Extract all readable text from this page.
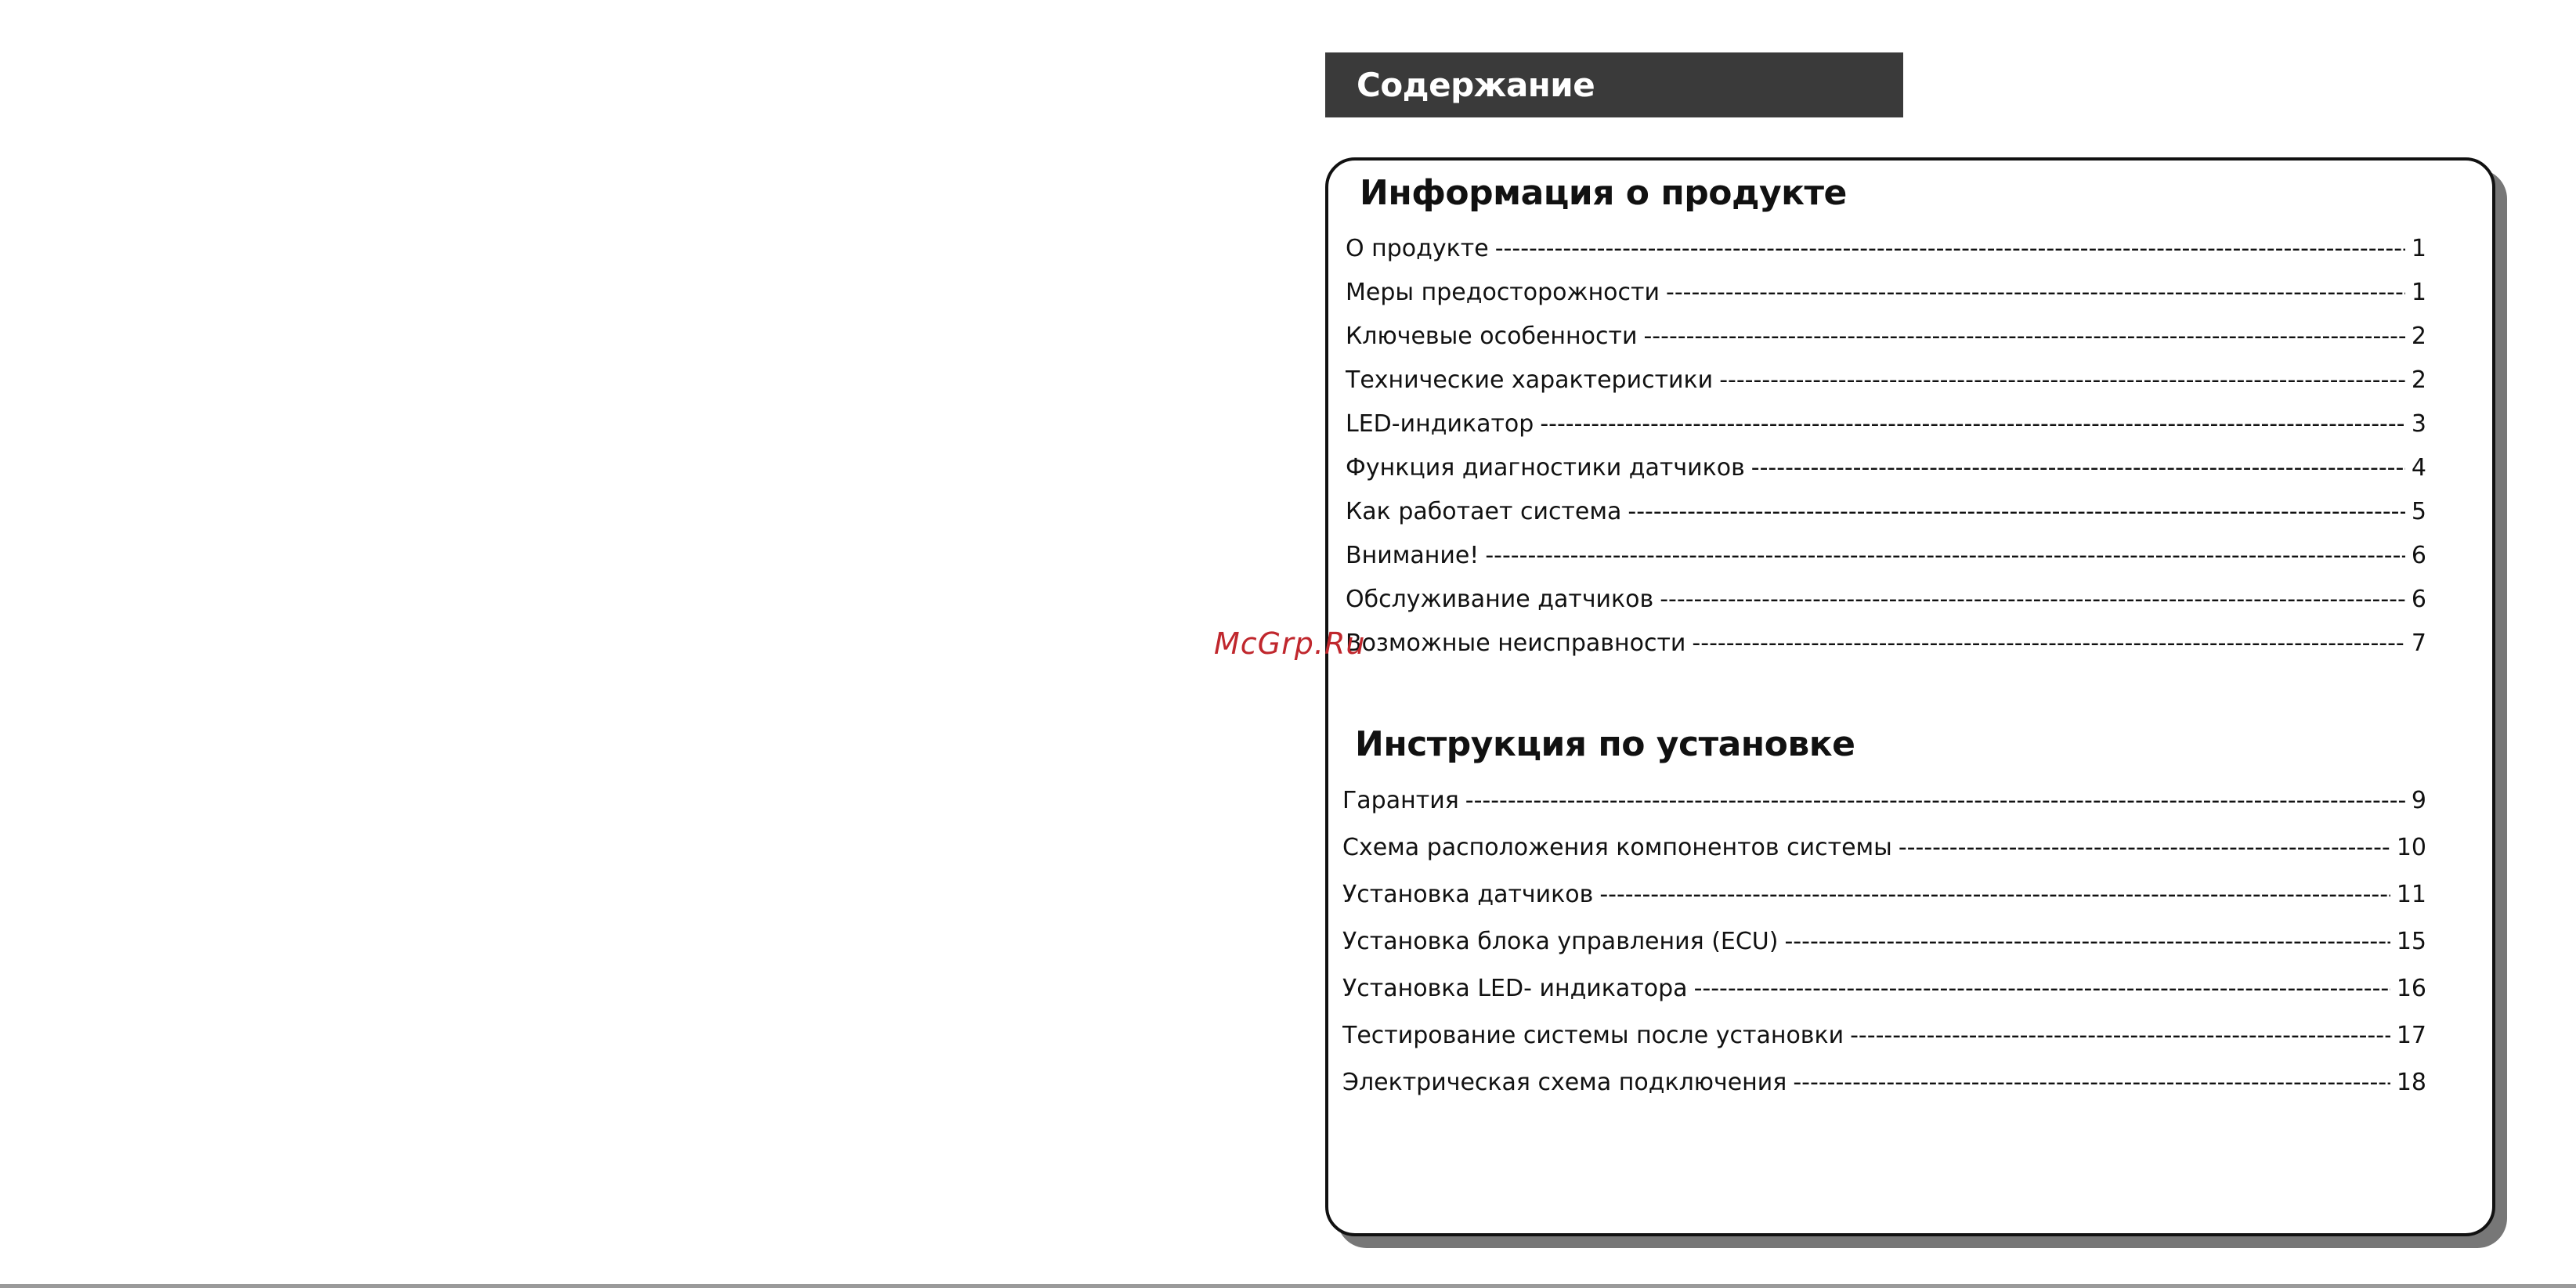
Содержание
Информация о продукте
О продукте -----	1
Меры предосторожности -----	1
Ключевые особенности -----	2
Технические характеристики -----	2
LED-индикатор -----	3
Функция диагностики датчиков -----	4
Как работает система -----	5
Внимание! -----	6
Обслуживание датчиков -----	6
Возможные неисправности -----	7
Инструкция по установке
Гарантия -----	9
Схема расположения компонентов системы -----	10
Установка датчиков -----	11
Установка блока управления (ECU) -----	15
Установка LED- индикатора -----	16
Тестирование системы после установки -----	17
Электрическая схема подключения -----	18
McGrp.Ru
